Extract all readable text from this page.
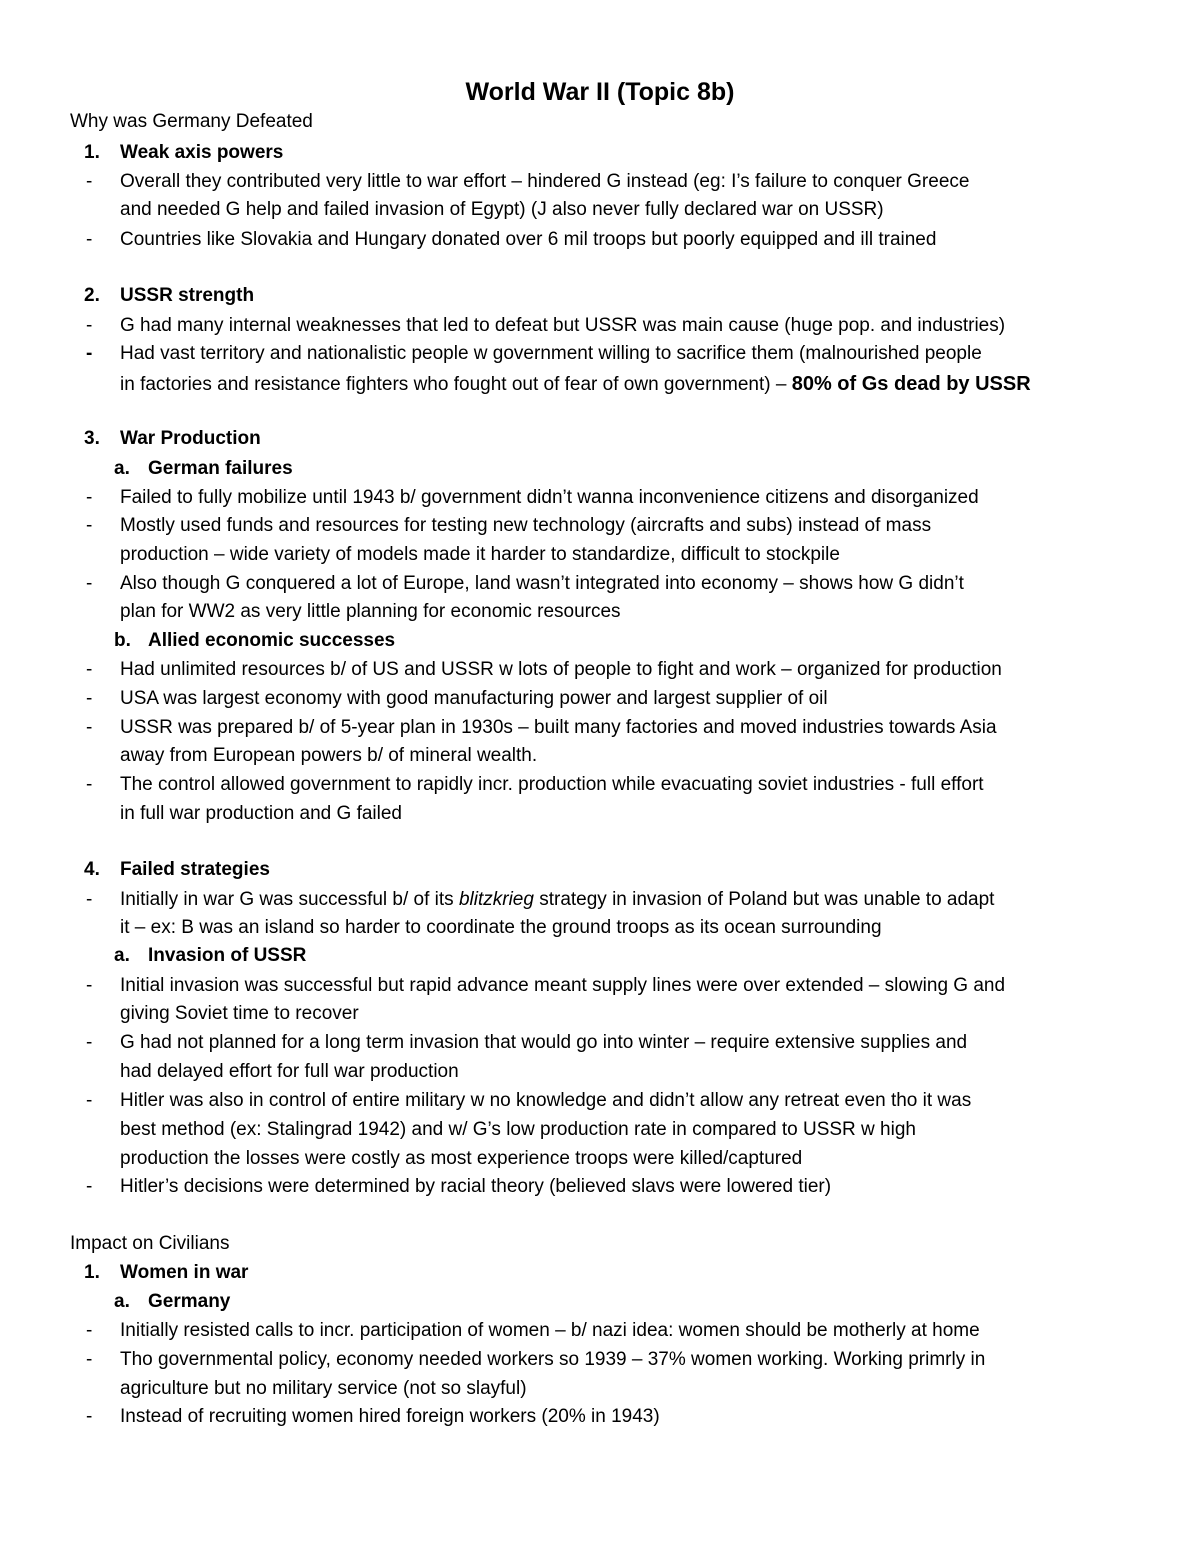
World War II (Topic 8b)
Why was Germany Defeated
1. Weak axis powers
- Overall they contributed very little to war effort – hindered G instead (eg: I’s failure to conquer Greece
and needed G help and failed invasion of Egypt) (J also never fully declared war on USSR)
- Countries like Slovakia and Hungary donated over 6 mil troops but poorly equipped and ill trained
2. USSR strength
- G had many internal weaknesses that led to defeat but USSR was main cause (huge pop. and industries)
- Had vast territory and nationalistic people w government willing to sacrifice them (malnourished people
in factories and resistance fighters who fought out of fear of own government) – 80% of Gs dead by USSR
3. War Production
a. German failures
- Failed to fully mobilize until 1943 b/ government didn’t wanna inconvenience citizens and disorganized
- Mostly used funds and resources for testing new technology (aircrafts and subs) instead of mass
production – wide variety of models made it harder to standardize, difficult to stockpile
- Also though G conquered a lot of Europe, land wasn’t integrated into economy – shows how G didn’t
plan for WW2 as very little planning for economic resources
b. Allied economic successes
- Had unlimited resources b/ of US and USSR w lots of people to fight and work – organized for production
- USA was largest economy with good manufacturing power and largest supplier of oil
- USSR was prepared b/ of 5-year plan in 1930s – built many factories and moved industries towards Asia
away from European powers b/ of mineral wealth.
- The control allowed government to rapidly incr. production while evacuating soviet industries - full effort
in full war production and G failed
4. Failed strategies
- Initially in war G was successful b/ of its blitzkrieg strategy in invasion of Poland but was unable to adapt
it – ex: B was an island so harder to coordinate the ground troops as its ocean surrounding
a. Invasion of USSR
- Initial invasion was successful but rapid advance meant supply lines were over extended – slowing G and
giving Soviet time to recover
- G had not planned for a long term invasion that would go into winter – require extensive supplies and
had delayed effort for full war production
- Hitler was also in control of entire military w no knowledge and didn’t allow any retreat even tho it was
best method (ex: Stalingrad 1942) and w/ G’s low production rate in compared to USSR w high
production the losses were costly as most experience troops were killed/captured
- Hitler’s decisions were determined by racial theory (believed slavs were lowered tier)
Impact on Civilians
1. Women in war
a. Germany
- Initially resisted calls to incr. participation of women – b/ nazi idea: women should be motherly at home
- Tho governmental policy, economy needed workers so 1939 – 37% women working. Working primrly in
agriculture but no military service (not so slayful)
- Instead of recruiting women hired foreign workers (20% in 1943)
